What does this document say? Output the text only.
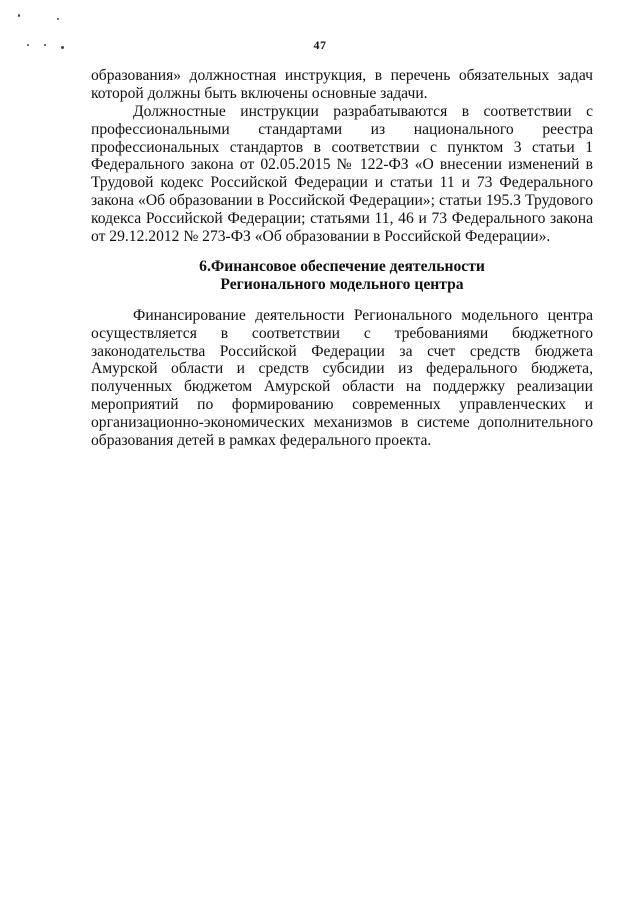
47

образования» должностная инструкция, в перечень обязательных задач которой должны быть включены основные задачи.

Должностные инструкции разрабатываются в соответствии с профессиональными стандартами из национального реестра профессиональных стандартов в соответствии с пунктом 3 статьи 1 Федерального закона от 02.05.2015 № 122-ФЗ «О внесении изменений в Трудовой кодекс Российской Федерации и статьи 11 и 73 Федерального закона «Об образовании в Российской Федерации»; статьи 195.3 Трудового кодекса Российской Федерации; статьями 11, 46 и 73 Федерального закона от 29.12.2012 № 273-ФЗ «Об образовании в Российской Федерации».

6.Финансовое обеспечение деятельности
Регионального модельного центра

Финансирование деятельности Регионального модельного центра осуществляется в соответствии с требованиями бюджетного законодательства Российской Федерации за счет средств бюджета Амурской области и средств субсидии из федерального бюджета, полученных бюджетом Амурской области на поддержку реализации мероприятий по формированию современных управленческих и организационно-экономических механизмов в системе дополнительного образования детей в рамках федерального проекта.
